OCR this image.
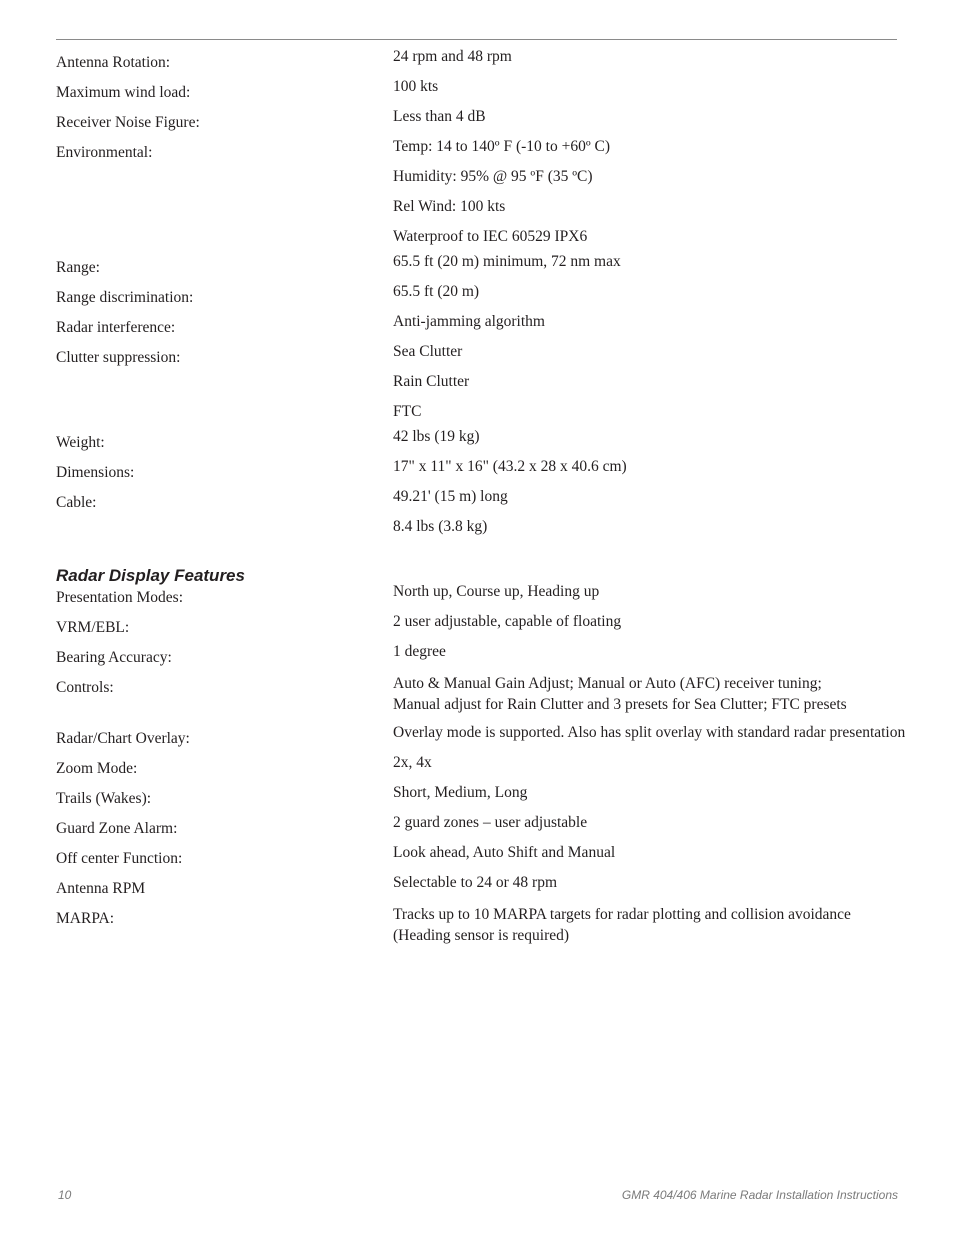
Antenna Rotation:	24 rpm and 48 rpm
Maximum wind load:	100 kts
Receiver Noise Figure:	Less than 4 dB
Environmental:	Temp: 14 to 140º F (-10 to +60º C)
Humidity: 95% @ 95 ºF (35 ºC)
Rel Wind: 100 kts
Waterproof to IEC 60529 IPX6
Range:	65.5 ft (20 m) minimum, 72 nm max
Range discrimination:	65.5 ft (20 m)
Radar interference:	Anti-jamming algorithm
Clutter suppression:	Sea Clutter
Rain Clutter
FTC
Weight:	42 lbs (19 kg)
Dimensions:	17" x 11" x 16" (43.2 x 28 x 40.6 cm)
Cable:	49.21' (15 m) long
8.4 lbs (3.8 kg)
Radar Display Features
Presentation Modes:	North up, Course up, Heading up
VRM/EBL:	2 user adjustable, capable of floating
Bearing Accuracy:	1 degree
Controls:	Auto & Manual Gain Adjust; Manual or Auto (AFC) receiver tuning;
Manual adjust for Rain Clutter and 3 presets for Sea Clutter; FTC presets
Radar/Chart Overlay:	Overlay mode is supported. Also has split overlay with standard radar presentation
Zoom Mode:	2x, 4x
Trails (Wakes):	Short, Medium, Long
Guard Zone Alarm:	2 guard zones – user adjustable
Off center Function:	Look ahead, Auto Shift and Manual
Antenna RPM	Selectable to 24 or 48 rpm
MARPA:	Tracks up to 10 MARPA targets for radar plotting and collision avoidance
(Heading sensor is required)
10	GMR 404/406 Marine Radar Installation Instructions
